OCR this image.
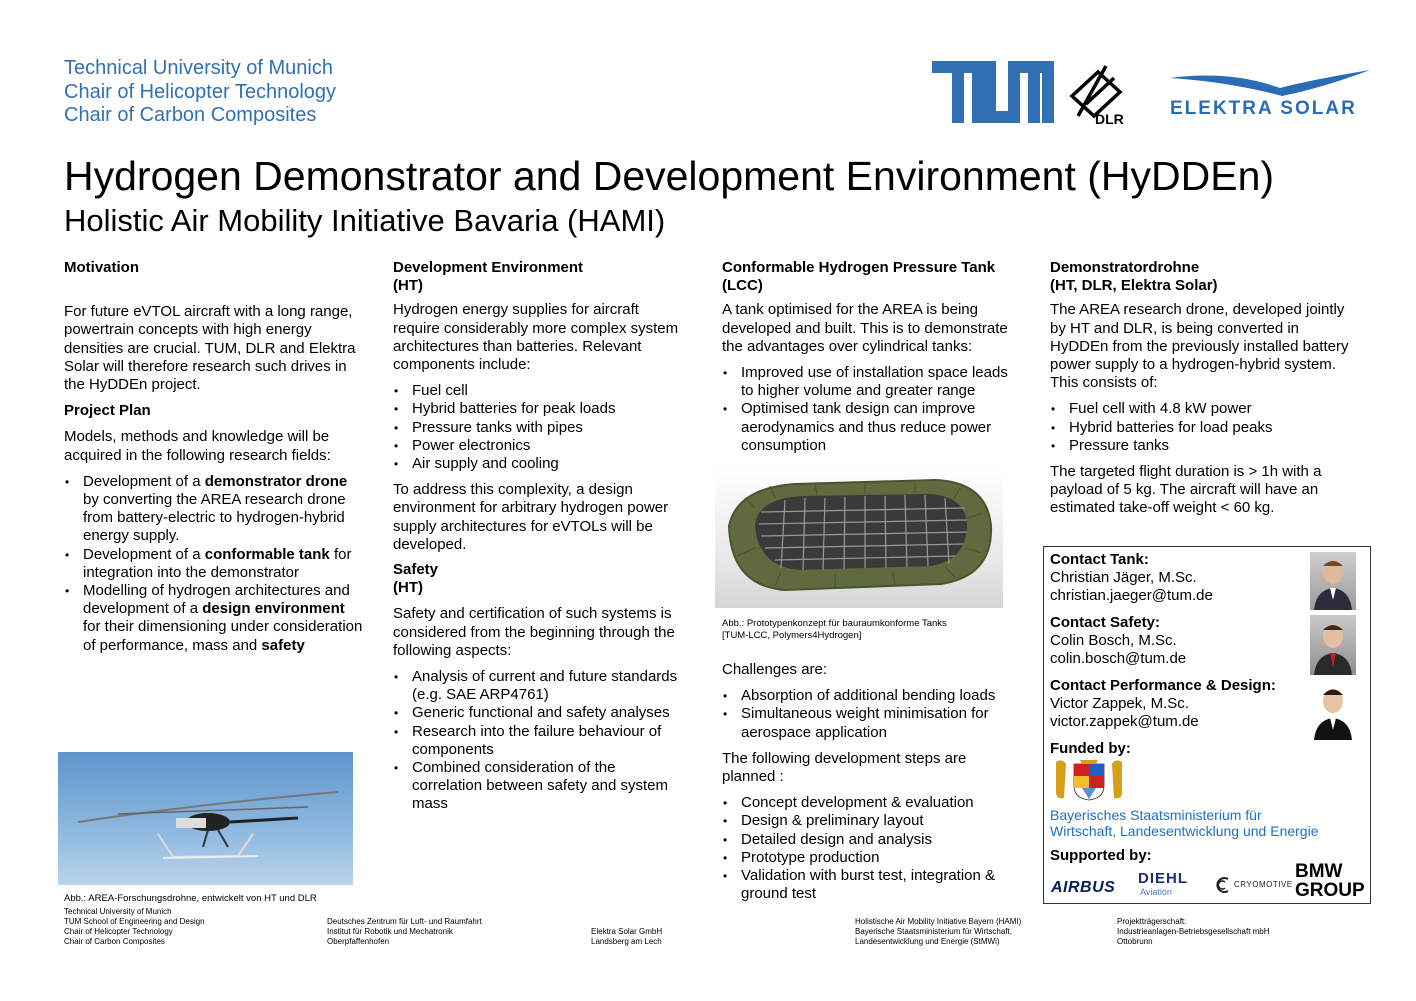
Technical University of Munich
Chair of Helicopter Technology
Chair of Carbon Composites	DLR ELEKTRA SOLAR
Hydrogen Demonstrator and Development Environment (HyDDEn)
Holistic Air Mobility Initiative Bavaria (HAMI)
Motivation

For future eVTOL aircraft with a long range, powertrain concepts with high energy densities are crucial. TUM, DLR and Elektra Solar will therefore research such drives in the HyDDEn project.

Project Plan

Models, methods and knowledge will be acquired in the following research fields:

• Development of a demonstrator drone by converting the AREA research drone from battery-electric to hydrogen-hybrid energy supply.
• Development of a conformable tank for integration into the demonstrator
• Modelling of hydrogen architectures and development of a design environment for their dimensioning under consideration of performance, mass and safety
Abb.: AREA-Forschungsdrohne, entwickelt von HT und DLR
Development Environment
(HT)

Hydrogen energy supplies for aircraft require considerably more complex system architectures than batteries. Relevant components include:

• Fuel cell
• Hybrid batteries for peak loads
• Pressure tanks with pipes
• Power electronics
• Air supply and cooling

To address this complexity, a design environment for arbitrary hydrogen power supply architectures for eVTOLs will be developed.

Safety
(HT)

Safety and certification of such systems is considered from the beginning through the following aspects:

• Analysis of current and future standards (e.g. SAE ARP4761)
• Generic functional and safety analyses
• Research into the failure behaviour of components
• Combined consideration of the correlation between safety and system mass
Conformable Hydrogen Pressure Tank
(LCC)

A tank optimised for the AREA is being developed and built. This is to demonstrate the advantages over cylindrical tanks:

• Improved use of installation space leads to higher volume and greater range
• Optimised tank design can improve aerodynamics and thus reduce power consumption
Abb.: Prototypenkonzept für bauraumkonforme Tanks
[TUM-LCC, Polymers4Hydrogen]

Challenges are:

• Absorption of additional bending loads
• Simultaneous weight minimisation for aerospace application

The following development steps are planned :

• Concept development & evaluation
• Design & preliminary layout
• Detailed design and analysis
• Prototype production
• Validation with burst test, integration & ground test
Demonstratordrohne
(HT, DLR, Elektra Solar)

The AREA research drone, developed jointly by HT and DLR, is being converted in HyDDEn from the previously installed battery power supply to a hydrogen-hybrid system. This consists of:

• Fuel cell with 4.8 kW power
• Hybrid batteries for load peaks
• Pressure tanks

The targeted flight duration is > 1h with a payload of 5 kg. The aircraft will have an estimated take-off weight < 60 kg.

Contact Tank:
Christian Jäger, M.Sc.
christian.jaeger@tum.de
Contact Safety:
Colin Bosch, M.Sc.
colin.bosch@tum.de
Contact Performance & Design:
Victor Zappek, M.Sc.
victor.zappek@tum.de
Funded by:
Bayerisches Staatsministerium für
Wirtschaft, Landesentwicklung und Energie
Supported by:
AIRBUS
DIEHL
Aviation
CRYOMOTIVE
BMW
GROUP
Technical University of Munich
TUM School of Engineering and Design
Chair of Helicopter Technology
Chair of Carbon Composites
Deutsches Zentrum für Luft- und Raumfahrt
Institut für Robotik und Mechatronik
Oberpfaffenhofen
Elektra Solar GmbH
Landsberg am Lech
Holistische Air Mobility Initiative Bayern (HAMI)
Bayerische Staatsministerium für Wirtschaft,
Landesentwicklung und Energie (StMWi)
Projektträgerschaft:
Industrieanlagen-Betriebsgesellschaft mbH
Ottobrunn
